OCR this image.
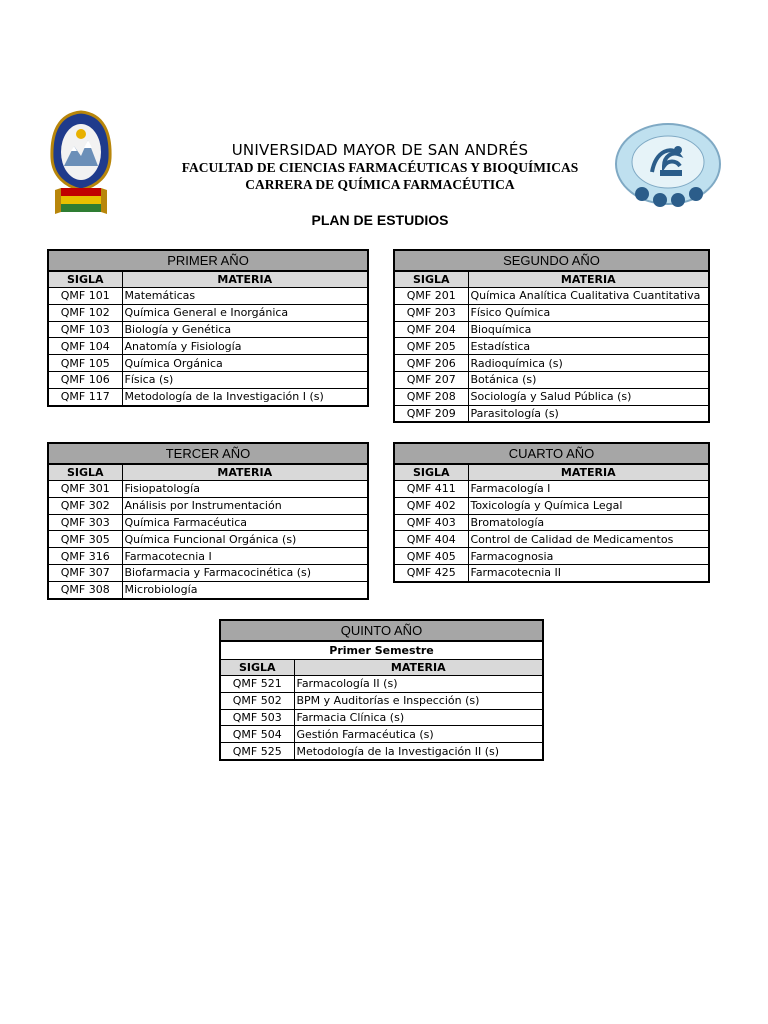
UNIVERSIDAD MAYOR DE SAN ANDRÉS
FACULTAD DE CIENCIAS FARMACÉUTICAS Y BIOQUÍMICAS
CARRERA DE QUÍMICA FARMACÉUTICA
PLAN DE ESTUDIOS
PRIMER AÑO	
SIGLA	MATERIA
QMF 101	Matemáticas
QMF 102	Química General e Inorgánica
QMF 103	Biología y Genética
QMF 104	Anatomía y Fisiología
QMF 105	Química Orgánica
QMF 106	Física (s)
QMF 117	Metodología de la Investigación I (s)
SEGUNDO AÑO	
SIGLA	MATERIA
QMF 201	Química Analítica Cualitativa Cuantitativa
QMF 203	Físico Química
QMF 204	Bioquímica
QMF 205	Estadística
QMF 206	Radioquímica (s)
QMF 207	Botánica (s)
QMF 208	Sociología y Salud Pública (s)
QMF 209	Parasitología (s)
TERCER AÑO	
SIGLA	MATERIA
QMF 301	Fisiopatología
QMF 302	Análisis por Instrumentación
QMF 303	Química Farmacéutica
QMF 305	Química Funcional Orgánica (s)
QMF 316	Farmacotecnia I
QMF 307	Biofarmacia y Farmacocinética (s)
QMF 308	Microbiología
CUARTO AÑO	
SIGLA	MATERIA
QMF 411	Farmacología I
QMF 402	Toxicología y Química Legal
QMF 403	Bromatología
QMF 404	Control de Calidad de Medicamentos
QMF 405	Farmacognosia
QMF 425	Farmacotecnia II
QUINTO AÑO	
Primer Semestre	
SIGLA	MATERIA
QMF 521	Farmacología II (s)
QMF 502	BPM y Auditorías e Inspección (s)
QMF 503	Farmacia Clínica (s)
QMF 504	Gestión Farmacéutica (s)
QMF 525	Metodología de la Investigación II (s)
